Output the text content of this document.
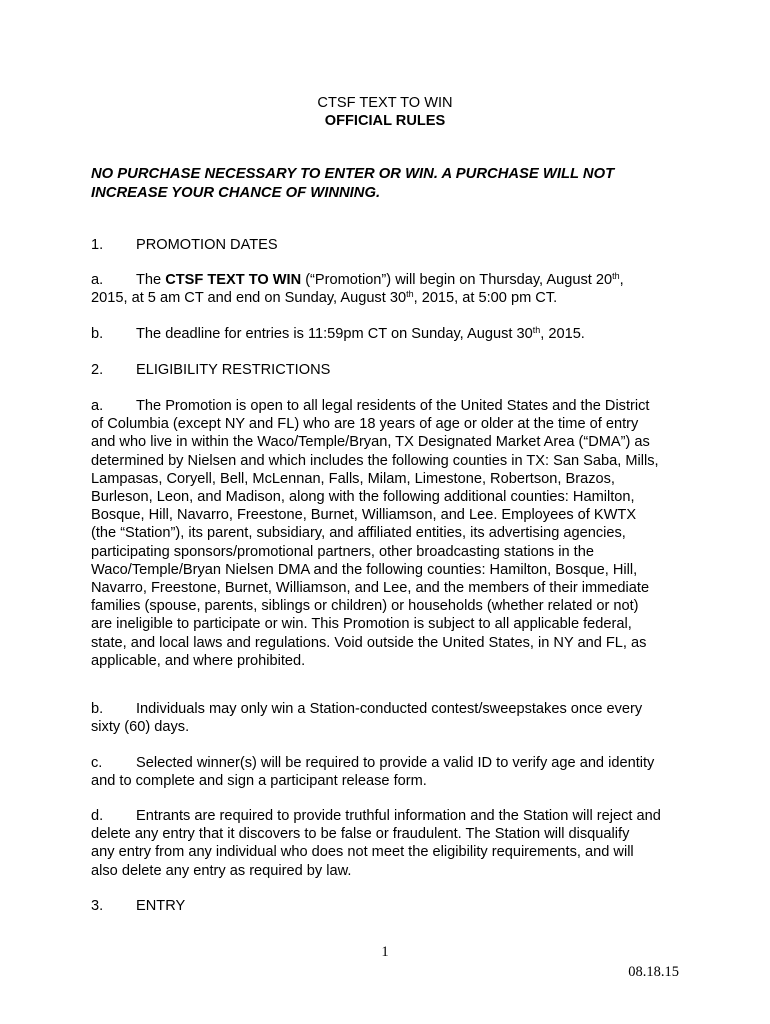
CTSF TEXT TO WIN
OFFICIAL RULES
NO PURCHASE NECESSARY TO ENTER OR WIN. A PURCHASE WILL NOT
INCREASE YOUR CHANCE OF WINNING.
1. PROMOTION DATES
a. The CTSF TEXT TO WIN (“Promotion”) will begin on Thursday, August 20th,
2015, at 5 am CT and end on Sunday, August 30th, 2015, at 5:00 pm CT.
b. The deadline for entries is 11:59pm CT on Sunday, August 30th, 2015.
2. ELIGIBILITY RESTRICTIONS
a. The Promotion is open to all legal residents of the United States and the District
of Columbia (except NY and FL) who are 18 years of age or older at the time of entry
and who live in within the Waco/Temple/Bryan, TX Designated Market Area (“DMA”) as
determined by Nielsen and which includes the following counties in TX: San Saba, Mills,
Lampasas, Coryell, Bell, McLennan, Falls, Milam, Limestone, Robertson, Brazos,
Burleson, Leon, and Madison, along with the following additional counties: Hamilton,
Bosque, Hill, Navarro, Freestone, Burnet, Williamson, and Lee. Employees of KWTX
(the “Station”), its parent, subsidiary, and affiliated entities, its advertising agencies,
participating sponsors/promotional partners, other broadcasting stations in the
Waco/Temple/Bryan Nielsen DMA and the following counties: Hamilton, Bosque, Hill,
Navarro, Freestone, Burnet, Williamson, and Lee, and the members of their immediate
families (spouse, parents, siblings or children) or households (whether related or not)
are ineligible to participate or win. This Promotion is subject to all applicable federal,
state, and local laws and regulations. Void outside the United States, in NY and FL, as
applicable, and where prohibited.
b. Individuals may only win a Station-conducted contest/sweepstakes once every
sixty (60) days.
c. Selected winner(s) will be required to provide a valid ID to verify age and identity
and to complete and sign a participant release form.
d. Entrants are required to provide truthful information and the Station will reject and
delete any entry that it discovers to be false or fraudulent. The Station will disqualify
any entry from any individual who does not meet the eligibility requirements, and will
also delete any entry as required by law.
3. ENTRY
1
08.18.15
